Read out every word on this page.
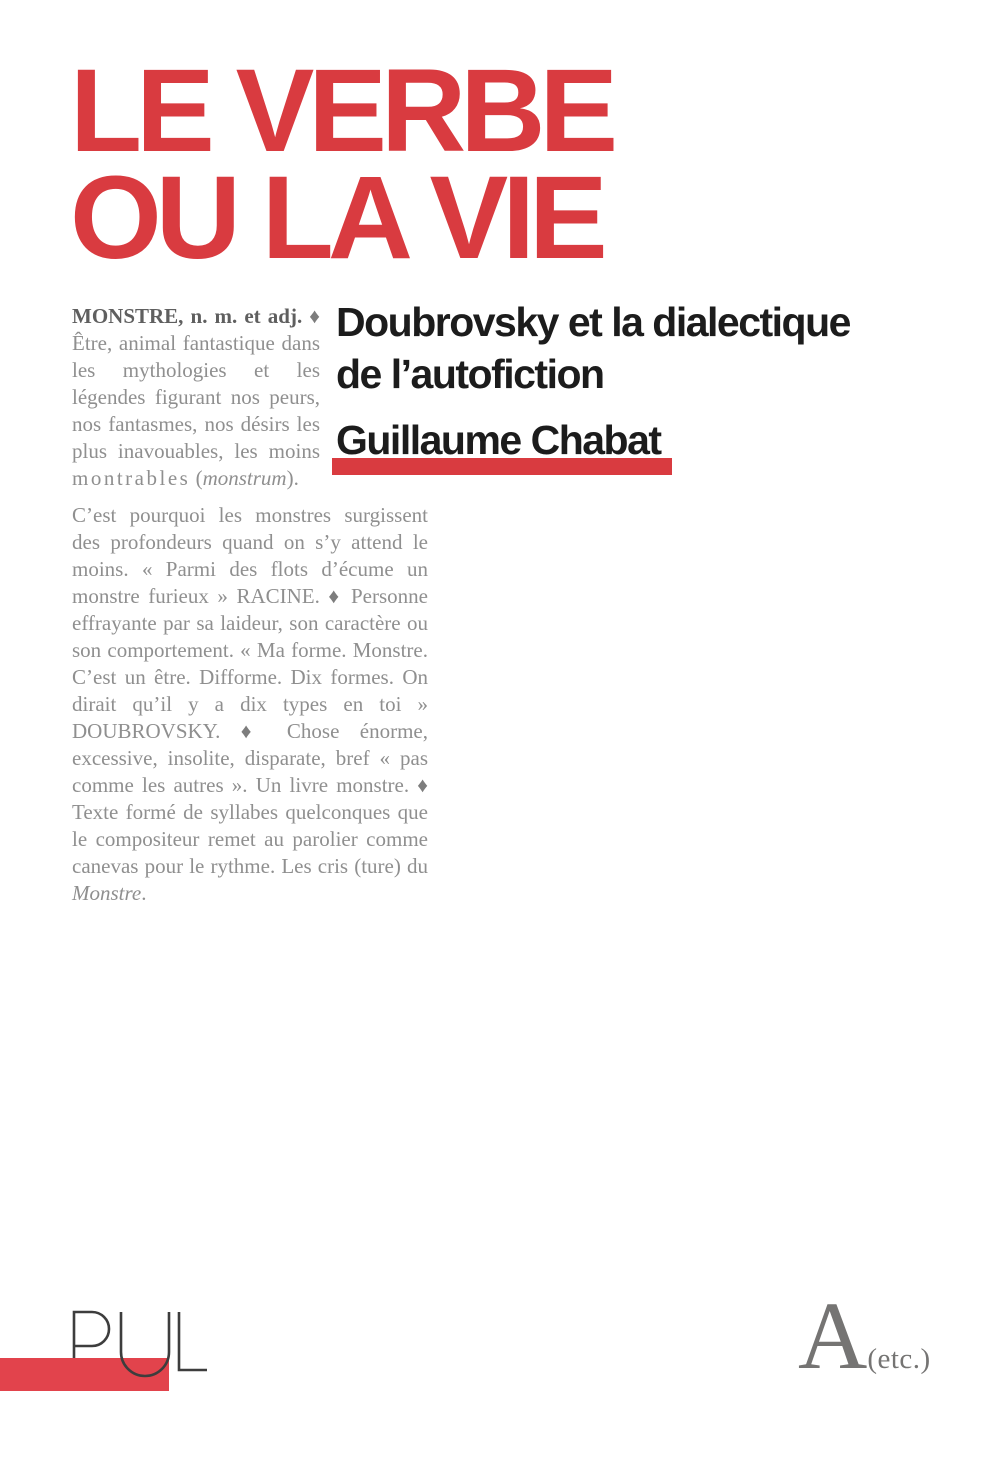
LE VERBE
OU LA VIE
MONSTRE, n. m. et adj. ♦ Être, animal fantastique dans les mythologies et les légendes figurant nos peurs, nos fantasmes, nos désirs les plus inavouables, les moins montrables (monstrum).
C’est pourquoi les monstres surgissent des profondeurs quand on s’y attend le moins. « Parmi des flots d’écume un monstre furieux » RACINE. ♦ Personne effrayante par sa laideur, son caractère ou son comportement. « Ma forme. Monstre. C’est un être. Difforme. Dix formes. On dirait qu’il y a dix types en toi » DOUBROVSKY. ♦ Chose énorme, excessive, insolite, disparate, bref « pas comme les autres ». Un livre monstre. ♦ Texte formé de syllabes quelconques que le compositeur remet au parolier comme canevas pour le rythme. Les cris (ture) du Monstre.
Doubrovsky et la dialectique
de l’autofiction
Guillaume Chabat
A(etc.)
